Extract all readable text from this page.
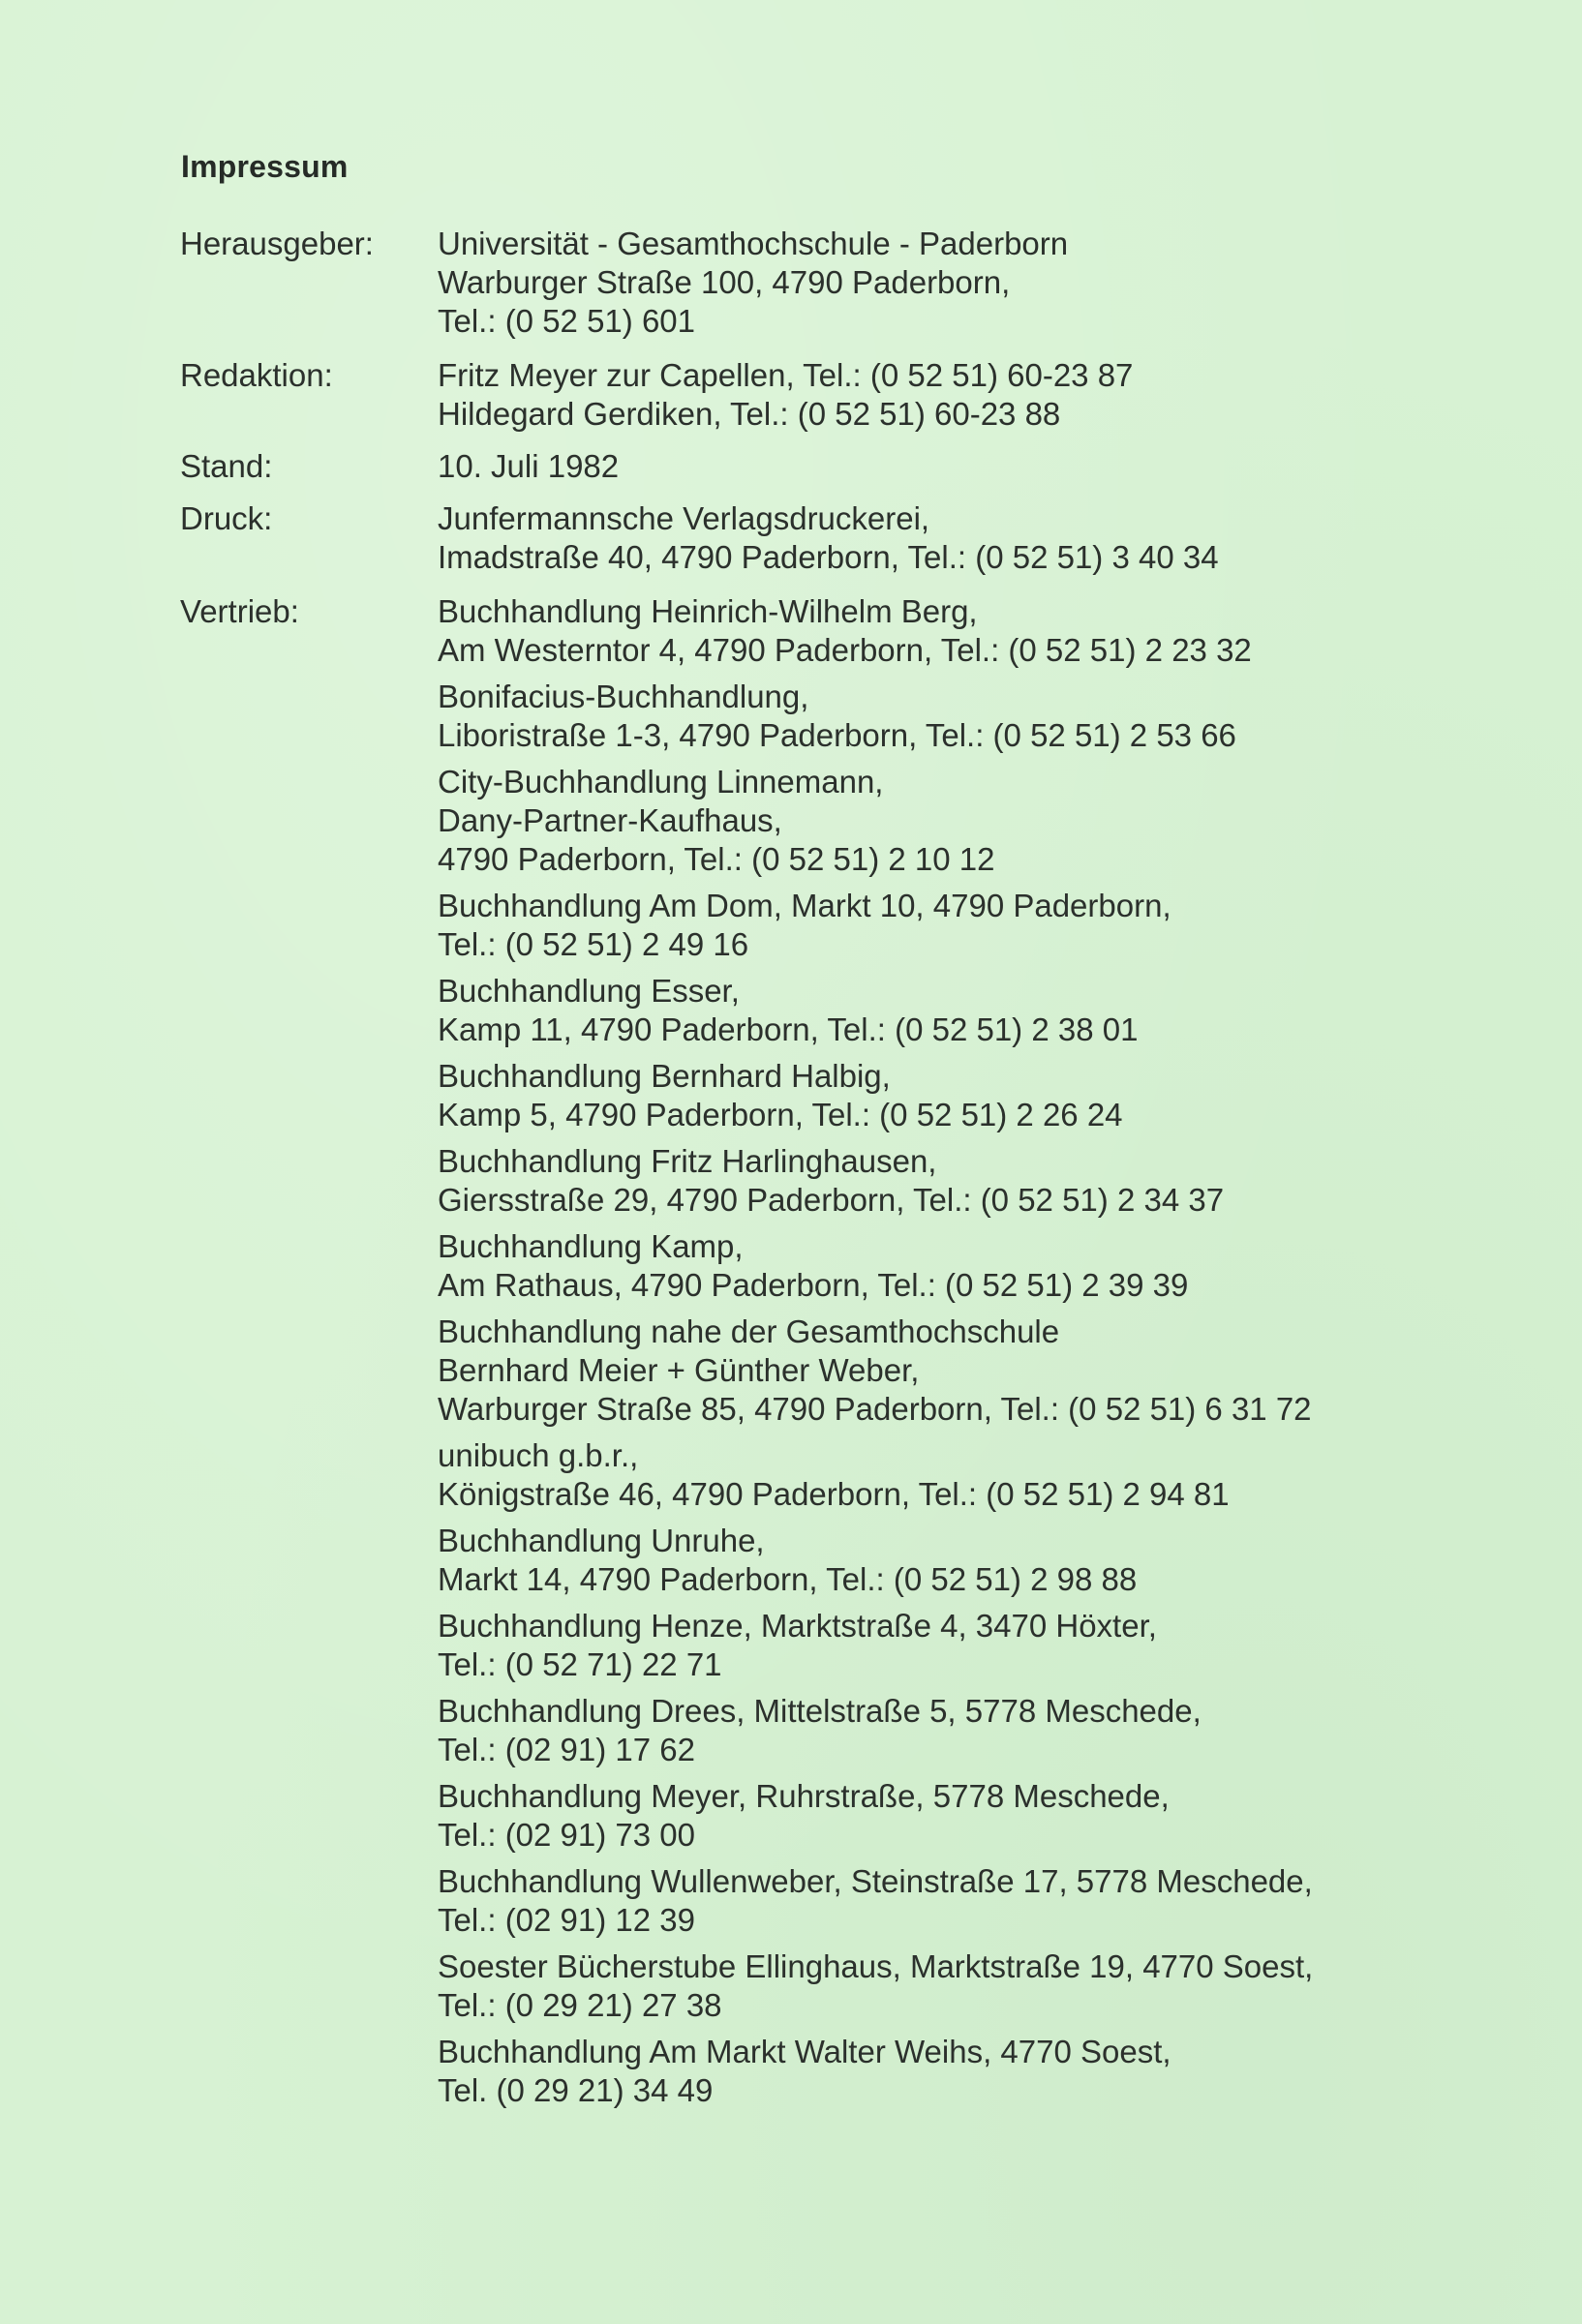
Impressum
Herausgeber: Universität - Gesamthochschule - Paderborn
Warburger Straße 100, 4790 Paderborn,
Tel.: (0 52 51) 601
Redaktion:	Fritz Meyer zur Capellen, Tel.: (0 52 51) 60-23 87
Hildegard Gerdiken, Tel.: (0 52 51) 60-23 88
Stand:	10. Juli 1982
Druck:	Junfermannsche Verlagsdruckerei,
Imadstraße 40, 4790 Paderborn, Tel.: (0 52 51) 3 40 34
Vertrieb:	Buchhandlung Heinrich-Wilhelm Berg,
Am Westerntor 4, 4790 Paderborn, Tel.: (0 52 51) 2 23 32
Bonifacius-Buchhandlung,
Liboristraße 1-3, 4790 Paderborn, Tel.: (0 52 51) 2 53 66
City-Buchhandlung Linnemann,
Dany-Partner-Kaufhaus,
4790 Paderborn, Tel.: (0 52 51) 2 10 12
Buchhandlung Am Dom, Markt 10, 4790 Paderborn,
Tel.: (0 52 51) 2 49 16
Buchhandlung Esser,
Kamp 11, 4790 Paderborn, Tel.: (0 52 51) 2 38 01
Buchhandlung Bernhard Halbig,
Kamp 5, 4790 Paderborn, Tel.: (0 52 51) 2 26 24
Buchhandlung Fritz Harlinghausen,
Giersstraße 29, 4790 Paderborn, Tel.: (0 52 51) 2 34 37
Buchhandlung Kamp,
Am Rathaus, 4790 Paderborn, Tel.: (0 52 51) 2 39 39
Buchhandlung nahe der Gesamthochschule
Bernhard Meier + Günther Weber,
Warburger Straße 85, 4790 Paderborn, Tel.: (0 52 51) 6 31 72
unibuch g.b.r.,
Königstraße 46, 4790 Paderborn, Tel.: (0 52 51) 2 94 81
Buchhandlung Unruhe,
Markt 14, 4790 Paderborn, Tel.: (0 52 51) 2 98 88
Buchhandlung Henze, Marktstraße 4, 3470 Höxter,
Tel.: (0 52 71) 22 71
Buchhandlung Drees, Mittelstraße 5, 5778 Meschede,
Tel.: (02 91) 17 62
Buchhandlung Meyer, Ruhrstraße, 5778 Meschede,
Tel.: (02 91) 73 00
Buchhandlung Wullenweber, Steinstraße 17, 5778 Meschede,
Tel.: (02 91) 12 39
Soester Bücherstube Ellinghaus, Marktstraße 19, 4770 Soest,
Tel.: (0 29 21) 27 38
Buchhandlung Am Markt Walter Weihs, 4770 Soest,
Tel. (0 29 21) 34 49
